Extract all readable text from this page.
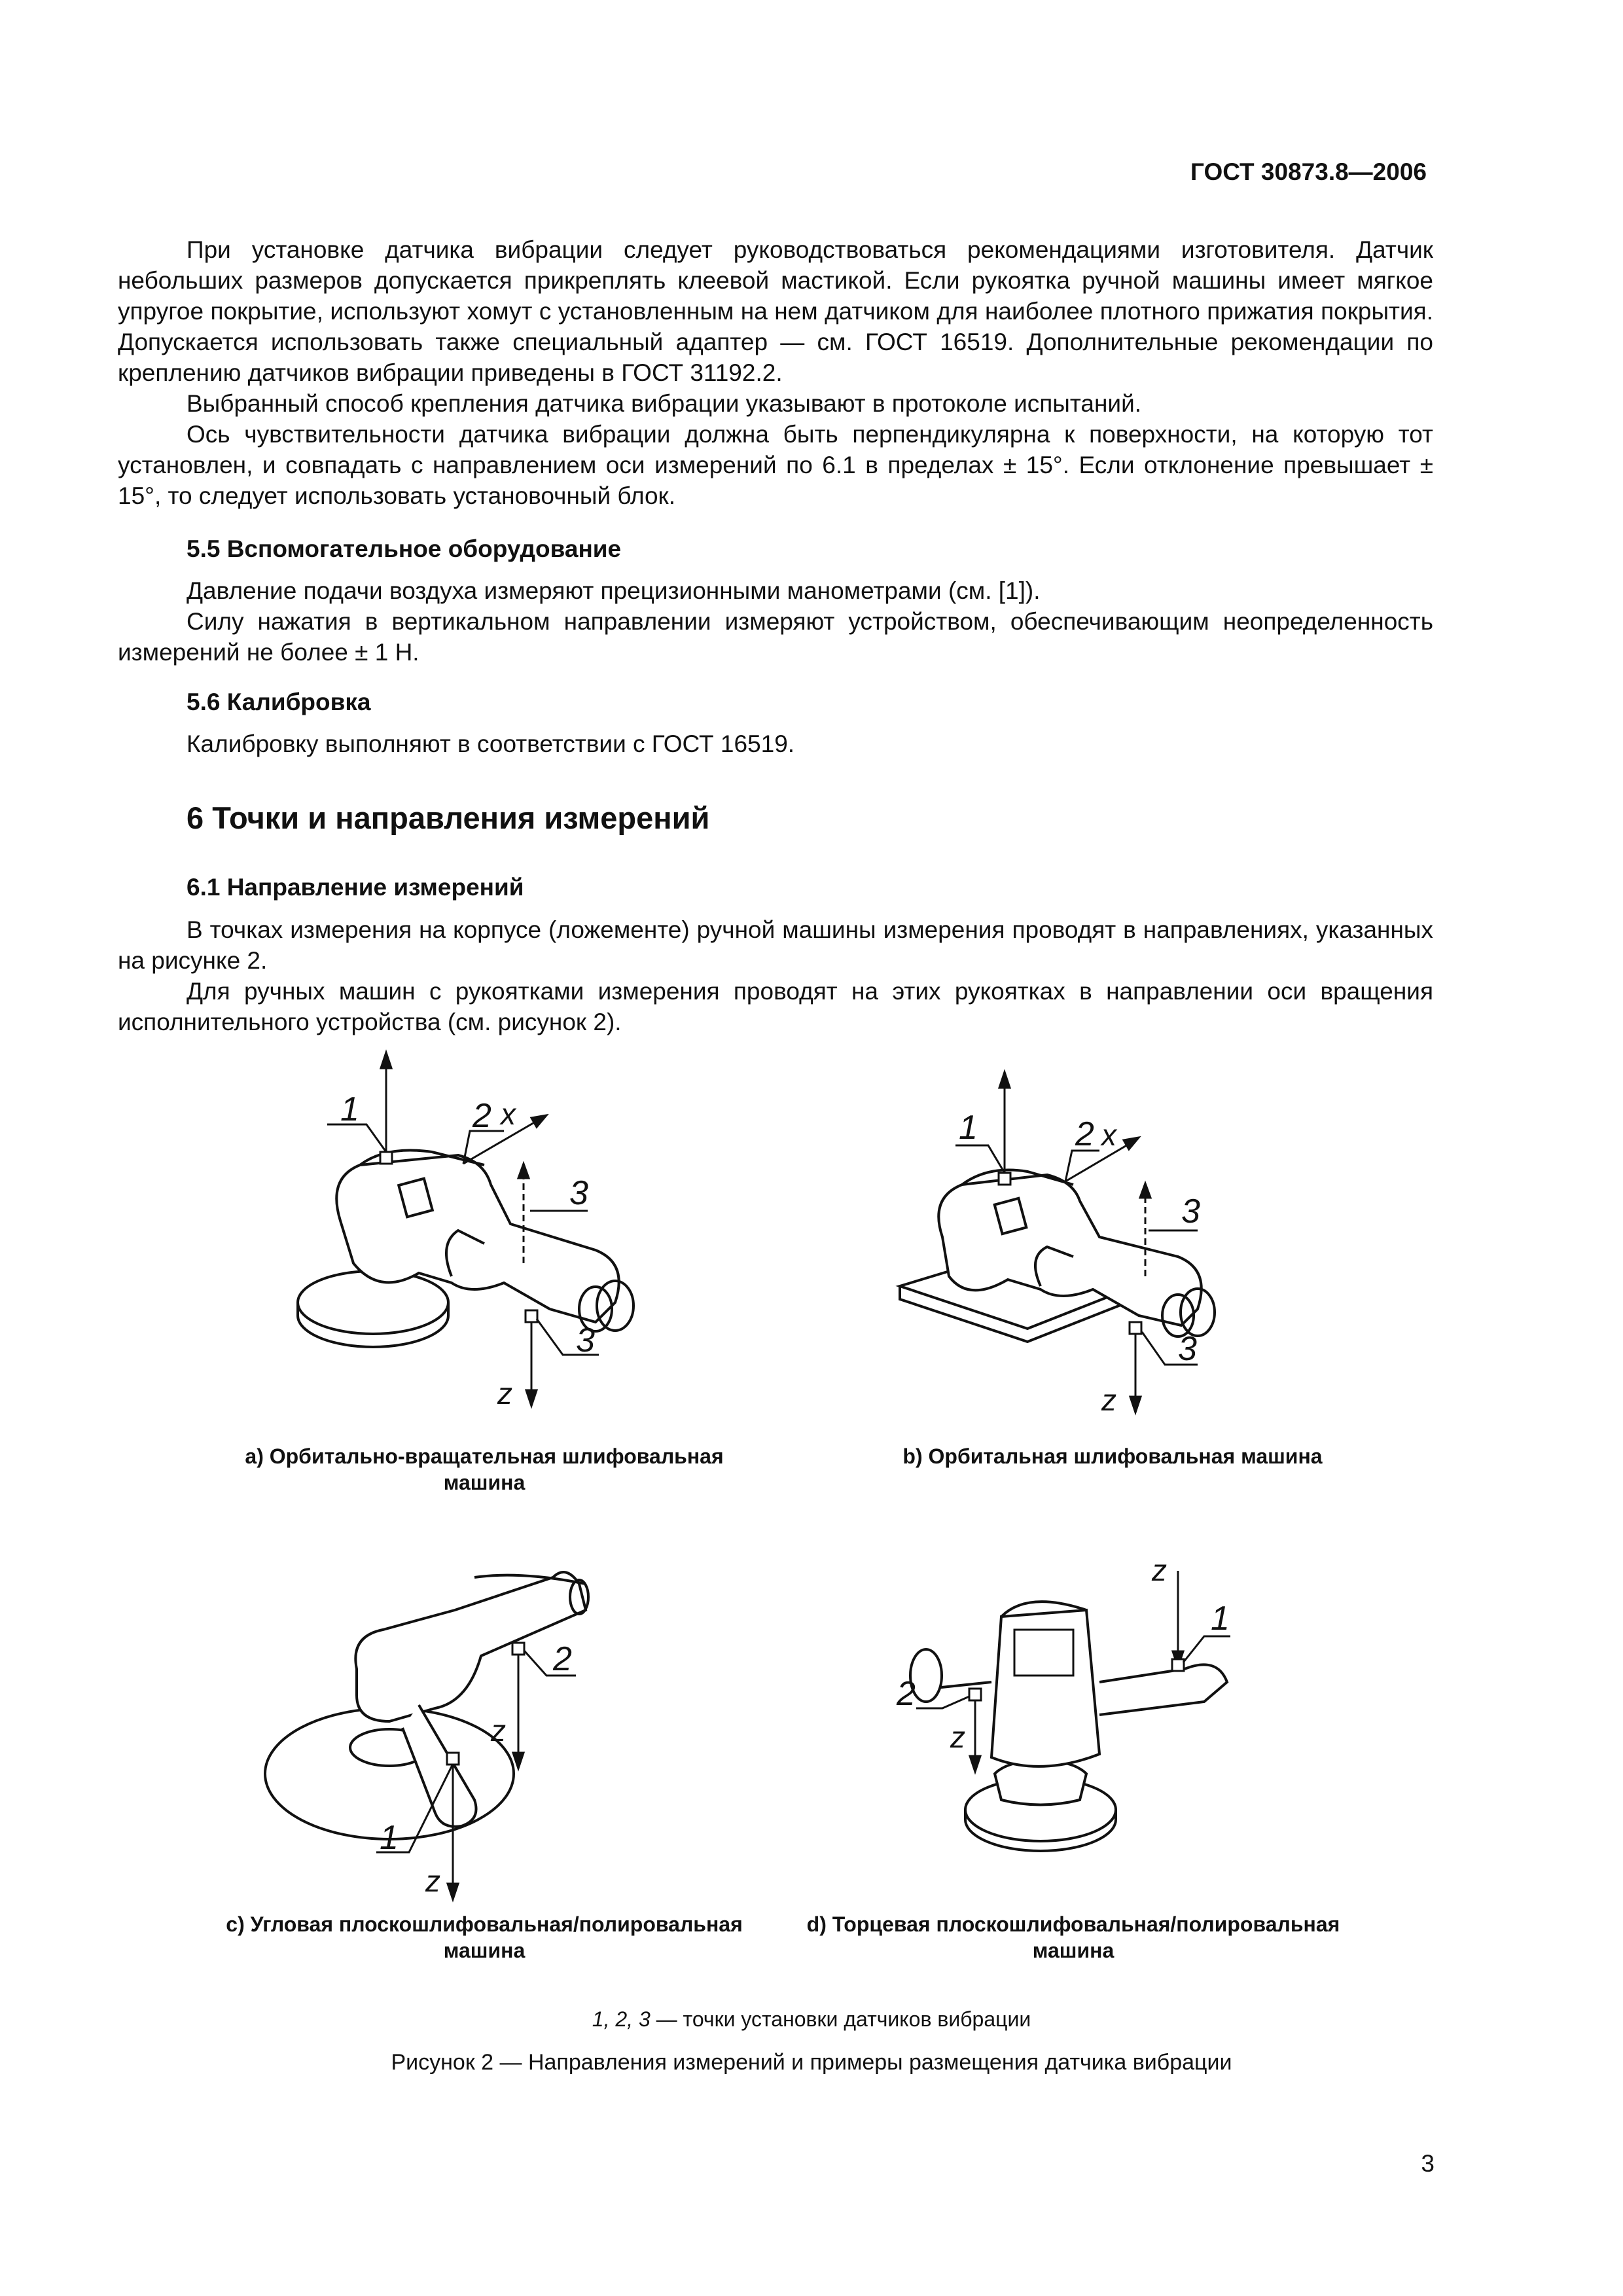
ГОСТ 30873.8—2006

При установке датчика вибрации следует руководствоваться рекомендациями изготовителя. Датчик небольших размеров допускается прикреплять клеевой мастикой. Если рукоятка ручной машины имеет мягкое упругое покрытие, используют хомут с установленным на нем датчиком для наиболее плотного прижатия покрытия. Допускается использовать также специальный адаптер — см. ГОСТ 16519. Дополнительные рекомендации по креплению датчиков вибрации приведены в ГОСТ 31192.2.

Выбранный способ крепления датчика вибрации указывают в протоколе испытаний.

Ось чувствительности датчика вибрации должна быть перпендикулярна к поверхности, на которую тот установлен, и совпадать с направлением оси измерений по 6.1 в пределах ± 15°. Если отклонение превышает ± 15°, то следует использовать установочный блок.

5.5 Вспомогательное оборудование

Давление подачи воздуха измеряют прецизионными манометрами (см. [1]).

Силу нажатия в вертикальном направлении измеряют устройством, обеспечивающим неопределенность измерений не более ± 1 Н.

5.6 Калибровка

Калибровку выполняют в соответствии с ГОСТ 16519.

6 Точки и направления измерений
6.1 Направление измерений

В точках измерения на корпусе (ложементе) ручной машины измерения проводят в направлениях, указанных на рисунке 2.

Для ручных машин с рукоятками измерения проводят на этих рукоятках в направлении оси вращения исполнительного устройства (см. рисунок 2).

1	2 x
3
3
z
a) Орбитально-вращательная шлифовальная
машина
1	2 x
3
3
z
b) Орбитальная шлифовальная машина
1
2
z
z
c) Угловая плоскошлифовальная/полировальная
машина
z
1
2
z
d) Торцевая плоскошлифовальная/полировальная
машина
1, 2, 3 — точки установки датчиков вибрации
Рисунок 2 — Направления измерений и примеры размещения датчика вибрации
3
